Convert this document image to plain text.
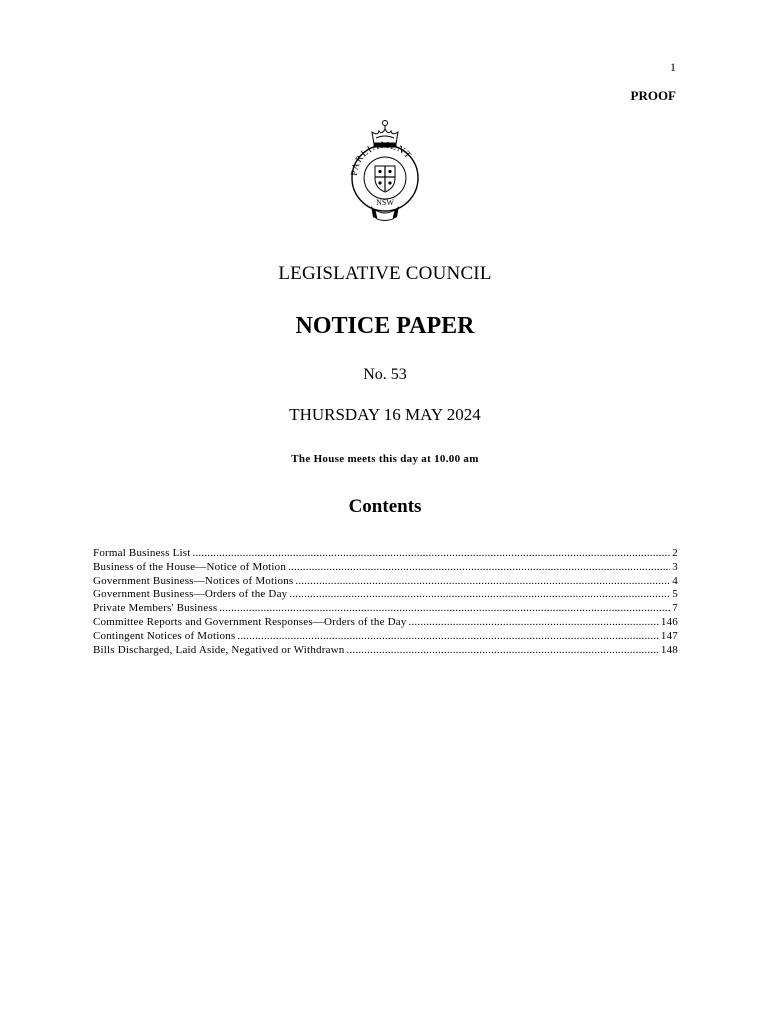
1
PROOF
PARLIAMENT
NSW
LEGISLATIVE COUNCIL
NOTICE PAPER
No. 53
THURSDAY 16 MAY 2024
The House meets this day at 10.00 am
Contents
Formal Business List .....	2
Business of the House—Notice of Motion .....	3
Government Business—Notices of Motions .....	4
Government Business—Orders of the Day .....	5
Private Members' Business .....	7
Committee Reports and Government Responses—Orders of the Day .....	146
Contingent Notices of Motions .....	147
Bills Discharged, Laid Aside, Negatived or Withdrawn .....	148
